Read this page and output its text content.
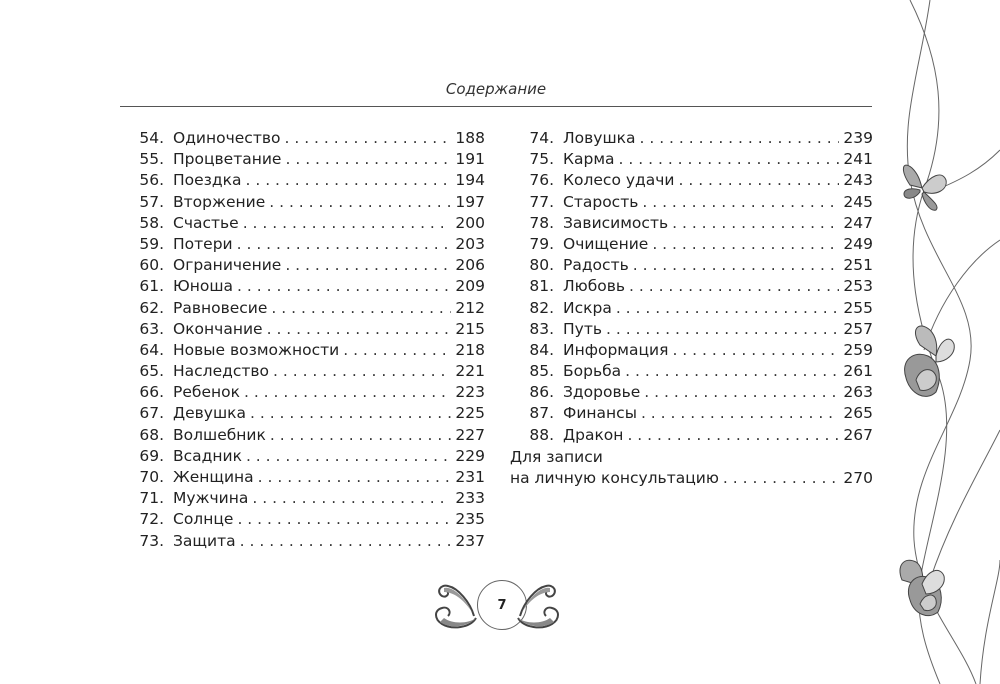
Содержание
54. Одиночество . . .	188
55. Процветание . . .	191
56. Поездка . . .	194
57. Вторжение . . .	197
58. Счастье . . .	200
59. Потери . . .	203
60. Ограничение . . .	206
61. Юноша . . .	209
62. Равновесие . . .	212
63. Окончание . . .	215
64. Новые возможности . . .	218
65. Наследство . . .	221
66. Ребенок . . .	223
67. Девушка . . .	225
68. Волшебник . . .	227
69. Всадник . . .	229
70. Женщина . . .	231
71. Мужчина . . .	233
72. Солнце . . .	235
73. Защита . . .	237
74. Ловушка . . .	239
75. Карма . . .	241
76. Колесо удачи . . .	243
77. Старость . . .	245
78. Зависимость . . .	247
79. Очищение . . .	249
80. Радость . . .	251
81. Любовь . . .	253
82. Искра . . .	255
83. Путь . . .	257
84. Информация . . .	259
85. Борьба . . .	261
86. Здоровье . . .	263
87. Финансы . . .	265
88. Дракон . . .	267
Для записи
на личную консультацию . . .	270
7
